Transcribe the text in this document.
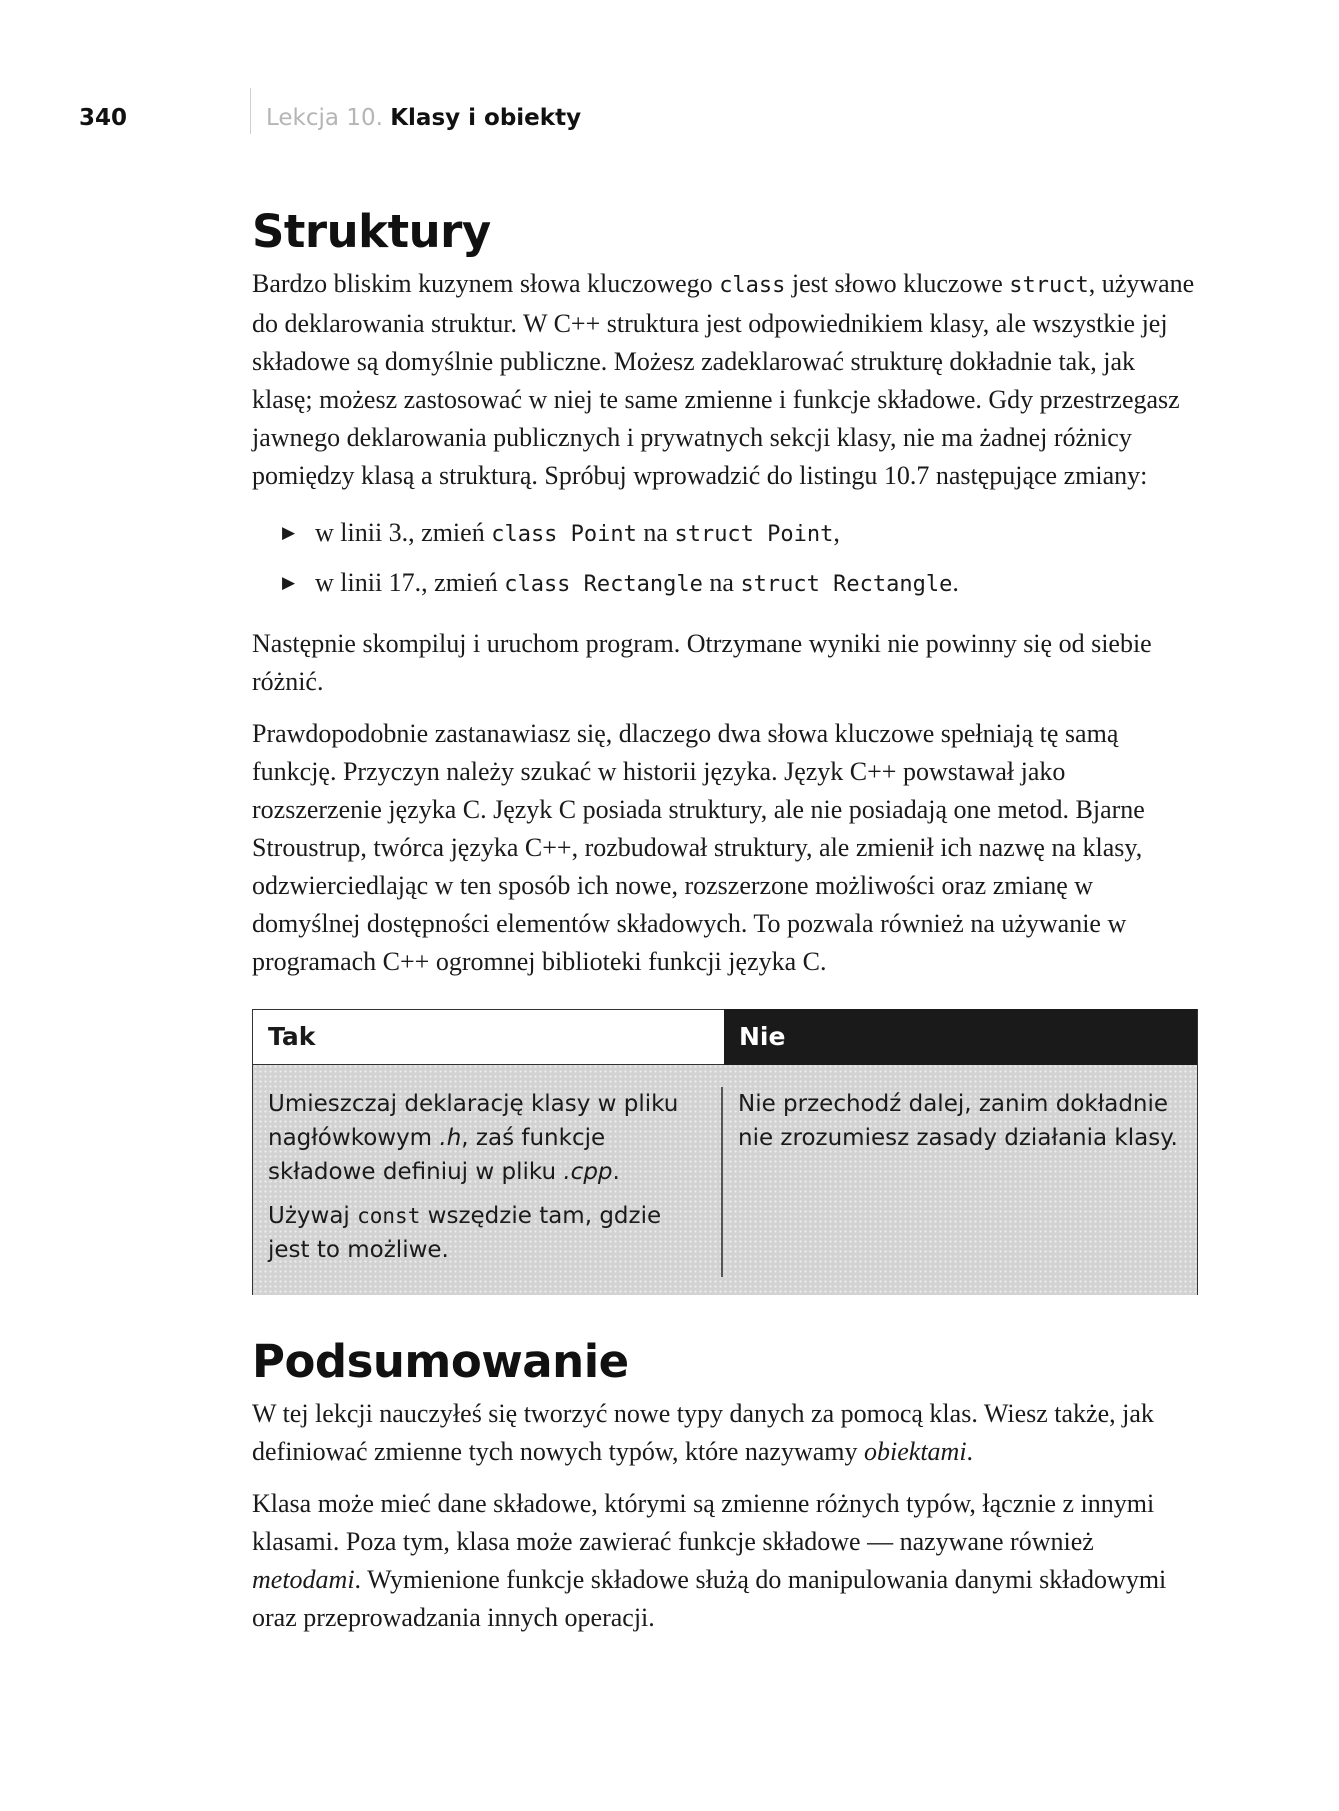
340	Lekcja 10. Klasy i obiekty
Struktury

Bardzo bliskim kuzynem słowa kluczowego class jest słowo kluczowe struct, używane do deklarowania struktur. W C++ struktura jest odpowiednikiem klasy, ale wszystkie jej składowe są domyślnie publiczne. Możesz zadeklarować strukturę dokładnie tak, jak klasę; możesz zastosować w niej te same zmienne i funkcje składowe. Gdy przestrzegasz jawnego deklarowania publicznych i prywatnych sekcji klasy, nie ma żadnej różnicy pomiędzy klasą a strukturą. Spróbuj wprowadzić do listingu 10.7 następujące zmiany:

▶ w linii 3., zmień class Point na struct Point,
▶ w linii 17., zmień class Rectangle na struct Rectangle.

Następnie skompiluj i uruchom program. Otrzymane wyniki nie powinny się od siebie różnić.

Prawdopodobnie zastanawiasz się, dlaczego dwa słowa kluczowe spełniają tę samą funkcję. Przyczyn należy szukać w historii języka. Język C++ powstawał jako rozszerzenie języka C. Język C posiada struktury, ale nie posiadają one metod. Bjarne Stroustrup, twórca języka C++, rozbudował struktury, ale zmienił ich nazwę na klasy, odzwierciedlając w ten sposób ich nowe, rozszerzone możliwości oraz zmianę w domyślnej dostępności elementów składowych. To pozwala również na używanie w programach C++ ogromnej biblioteki funkcji języka C.

Tak	Nie

Umieszczaj deklarację klasy w pliku nagłówkowym .h, zaś funkcje składowe definiuj w pliku .cpp.

Używaj const wszędzie tam, gdzie jest to możliwe.

Nie przechodź dalej, zanim dokładnie nie zrozumiesz zasady działania klasy.

Podsumowanie

W tej lekcji nauczyłeś się tworzyć nowe typy danych za pomocą klas. Wiesz także, jak definiować zmienne tych nowych typów, które nazywamy obiektami.

Klasa może mieć dane składowe, którymi są zmienne różnych typów, łącznie z innymi klasami. Poza tym, klasa może zawierać funkcje składowe — nazywane również metodami. Wymienione funkcje składowe służą do manipulowania danymi składowymi oraz przeprowadzania innych operacji.
